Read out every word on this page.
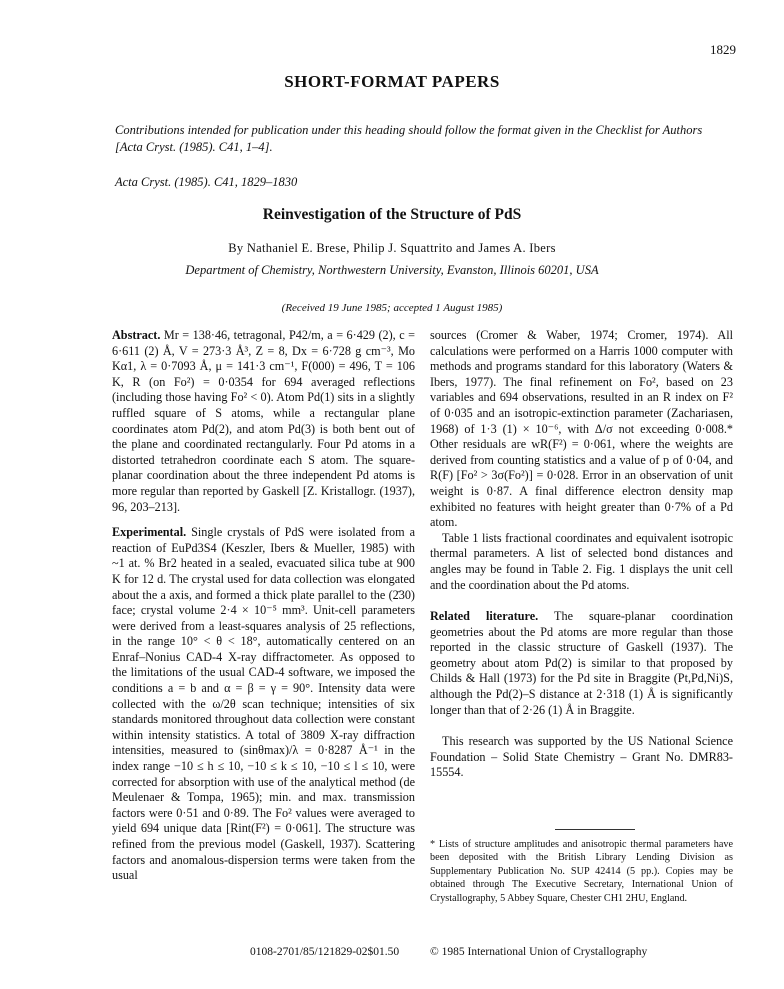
1829
SHORT-FORMAT PAPERS
Contributions intended for publication under this heading should follow the format given in the Checklist for Authors [Acta Cryst. (1985). C41, 1–4].
Acta Cryst. (1985). C41, 1829–1830
Reinvestigation of the Structure of PdS
By Nathaniel E. Brese, Philip J. Squattrito and James A. Ibers
Department of Chemistry, Northwestern University, Evanston, Illinois 60201, USA
(Received 19 June 1985; accepted 1 August 1985)

Abstract. Mr = 138·46, tetragonal, P42/m, a = 6·429 (2), c = 6·611 (2) Å, V = 273·3 Å³, Z = 8, Dx = 6·728 g cm⁻³, Mo Kα1, λ = 0·7093 Å, μ = 141·3 cm⁻¹, F(000) = 496, T = 106 K, R (on Fo²) = 0·0354 for 694 averaged reflections (including those having Fo² < 0). Atom Pd(1) sits in a slightly ruffled square of S atoms, while a rectangular plane coordinates atom Pd(2), and atom Pd(3) is both bent out of the plane and coordinated rectangularly. Four Pd atoms in a distorted tetrahedron coordinate each S atom. The square-planar coordination about the three independent Pd atoms is more regular than reported by Gaskell [Z. Kristallogr. (1937), 96, 203–213].

Experimental. Single crystals of PdS were isolated from a reaction of EuPd3S4 (Keszler, Ibers & Mueller, 1985) with ~1 at. % Br2 heated in a sealed, evacuated silica tube at 900 K for 12 d. The crystal used for data collection was elongated about the a axis, and formed a thick plate parallel to the (2̄30) face; crystal volume 2·4 × 10⁻⁵ mm³. Unit-cell parameters were derived from a least-squares analysis of 25 reflections, in the range 10° < θ < 18°, automatically centered on an Enraf–Nonius CAD-4 X-ray diffractometer. As opposed to the limitations of the usual CAD-4 software, we imposed the conditions a = b and α = β = γ = 90°. Intensity data were collected with the ω/2θ scan technique; intensities of six standards monitored throughout data collection were constant within intensity statistics. A total of 3809 X-ray diffraction intensities, measured to (sinθmax)/λ = 0·8287 Å⁻¹ in the index range −10 ≤ h ≤ 10, −10 ≤ k ≤ 10, −10 ≤ l ≤ 10, were corrected for absorption with use of the analytical method (de Meulenaer & Tompa, 1965); min. and max. transmission factors were 0·51 and 0·89. The Fo² values were averaged to yield 694 unique data [Rint(F²) = 0·061]. The structure was refined from the previous model (Gaskell, 1937). Scattering factors and anomalous-dispersion terms were taken from the usual

sources (Cromer & Waber, 1974; Cromer, 1974). All calculations were performed on a Harris 1000 computer with methods and programs standard for this laboratory (Waters & Ibers, 1977). The final refinement on Fo², based on 23 variables and 694 observations, resulted in an R index on F² of 0·035 and an isotropic-extinction parameter (Zachariasen, 1968) of 1·3 (1) × 10⁻⁶, with Δ/σ not exceeding 0·008.* Other residuals are wR(F²) = 0·061, where the weights are derived from counting statistics and a value of p of 0·04, and R(F) [Fo² > 3σ(Fo²)] = 0·028. Error in an observation of unit weight is 0·87. A final difference electron density map exhibited no features with height greater than 0·7% of a Pd atom.

Table 1 lists fractional coordinates and equivalent isotropic thermal parameters. A list of selected bond distances and angles may be found in Table 2. Fig. 1 displays the unit cell and the coordination about the Pd atoms.

Related literature. The square-planar coordination geometries about the Pd atoms are more regular than those reported in the classic structure of Gaskell (1937). The geometry about atom Pd(2) is similar to that proposed by Childs & Hall (1973) for the Pd site in Braggite (Pt,Pd,Ni)S, although the Pd(2)–S distance at 2·318 (1) Å is significantly longer than that of 2·26 (1) Å in Braggite.

This research was supported by the US National Science Foundation – Solid State Chemistry – Grant No. DMR83-15554.

* Lists of structure amplitudes and anisotropic thermal parameters have been deposited with the British Library Lending Division as Supplementary Publication No. SUP 42414 (5 pp.). Copies may be obtained through The Executive Secretary, International Union of Crystallography, 5 Abbey Square, Chester CH1 2HU, England.
0108-2701/85/121829-02$01.50	© 1985 International Union of Crystallography
